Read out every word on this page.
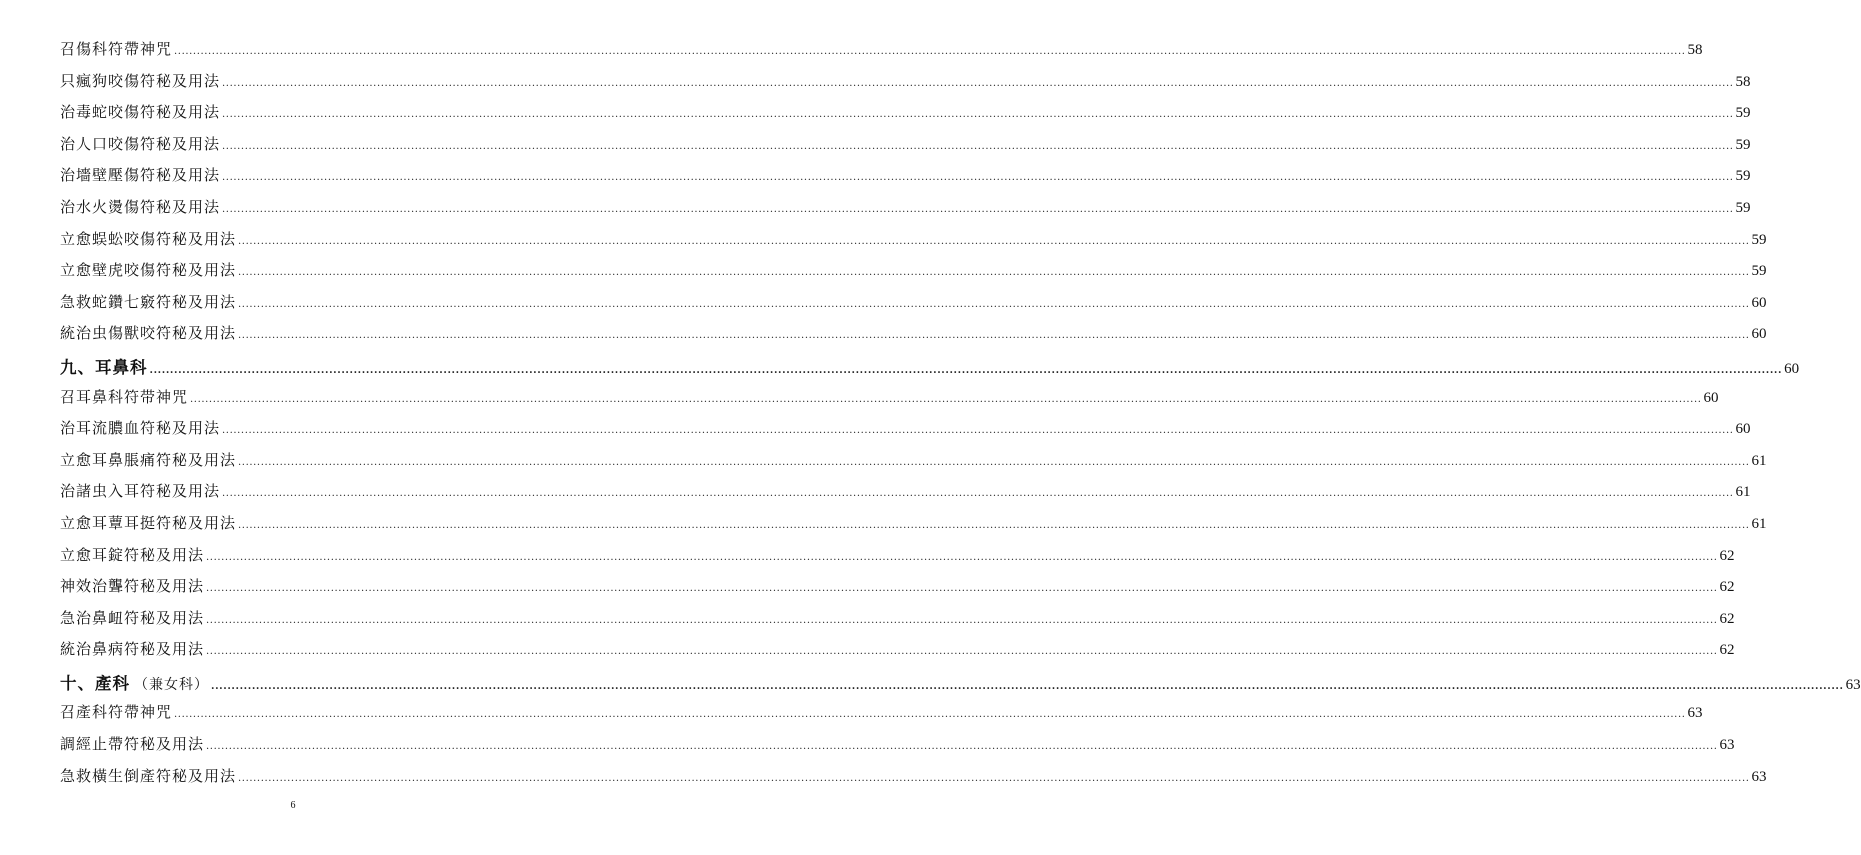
召傷科符帶神咒 ................................................................................................................................................................................................................................................................................................................................................................................................................ 58
只瘋狗咬傷符秘及用法 ................................................................................................................................................................................................................................................................................................................................................................................................................ 58
治毒蛇咬傷符秘及用法 ................................................................................................................................................................................................................................................................................................................................................................................................................ 59
治人口咬傷符秘及用法 ................................................................................................................................................................................................................................................................................................................................................................................................................ 59
治墻壁壓傷符秘及用法 ................................................................................................................................................................................................................................................................................................................................................................................................................ 59
治水火燙傷符秘及用法 ................................................................................................................................................................................................................................................................................................................................................................................................................ 59
立愈蜈蚣咬傷符秘及用法 ................................................................................................................................................................................................................................................................................................................................................................................................................ 59
立愈壁虎咬傷符秘及用法 ................................................................................................................................................................................................................................................................................................................................................................................................................ 59
急救蛇鑽七竅符秘及用法 ................................................................................................................................................................................................................................................................................................................................................................................................................ 60
統治虫傷獸咬符秘及用法 ................................................................................................................................................................................................................................................................................................................................................................................................................ 60
九、耳鼻科 ................................................................................................................................................................................................................................................................................................................................................................................................................ 60
召耳鼻科符带神咒 ................................................................................................................................................................................................................................................................................................................................................................................................................ 60
治耳流膿血符秘及用法 ................................................................................................................................................................................................................................................................................................................................................................................................................ 60
立愈耳鼻脹痛符秘及用法 ................................................................................................................................................................................................................................................................................................................................................................................................................ 61
治諸虫入耳符秘及用法 ................................................................................................................................................................................................................................................................................................................................................................................................................ 61
立愈耳蕈耳挺符秘及用法 ................................................................................................................................................................................................................................................................................................................................................................................................................ 61
立愈耳錠符秘及用法 ................................................................................................................................................................................................................................................................................................................................................................................................................ 62
神效治聾符秘及用法 ................................................................................................................................................................................................................................................................................................................................................................................................................ 62
急治鼻衄符秘及用法 ................................................................................................................................................................................................................................................................................................................................................................................................................ 62
統治鼻病符秘及用法 ................................................................................................................................................................................................................................................................................................................................................................................................................ 62
十、產科 （兼女科） ................................................................................................................................................................................................................................................................................................................................................................................................................ 63
召產科符帶神咒 ................................................................................................................................................................................................................................................................................................................................................................................................................ 63
調經止帶符秘及用法 ................................................................................................................................................................................................................................................................................................................................................................................................................ 63
急救橫生倒產符秘及用法 ................................................................................................................................................................................................................................................................................................................................................................................................................ 63
6
